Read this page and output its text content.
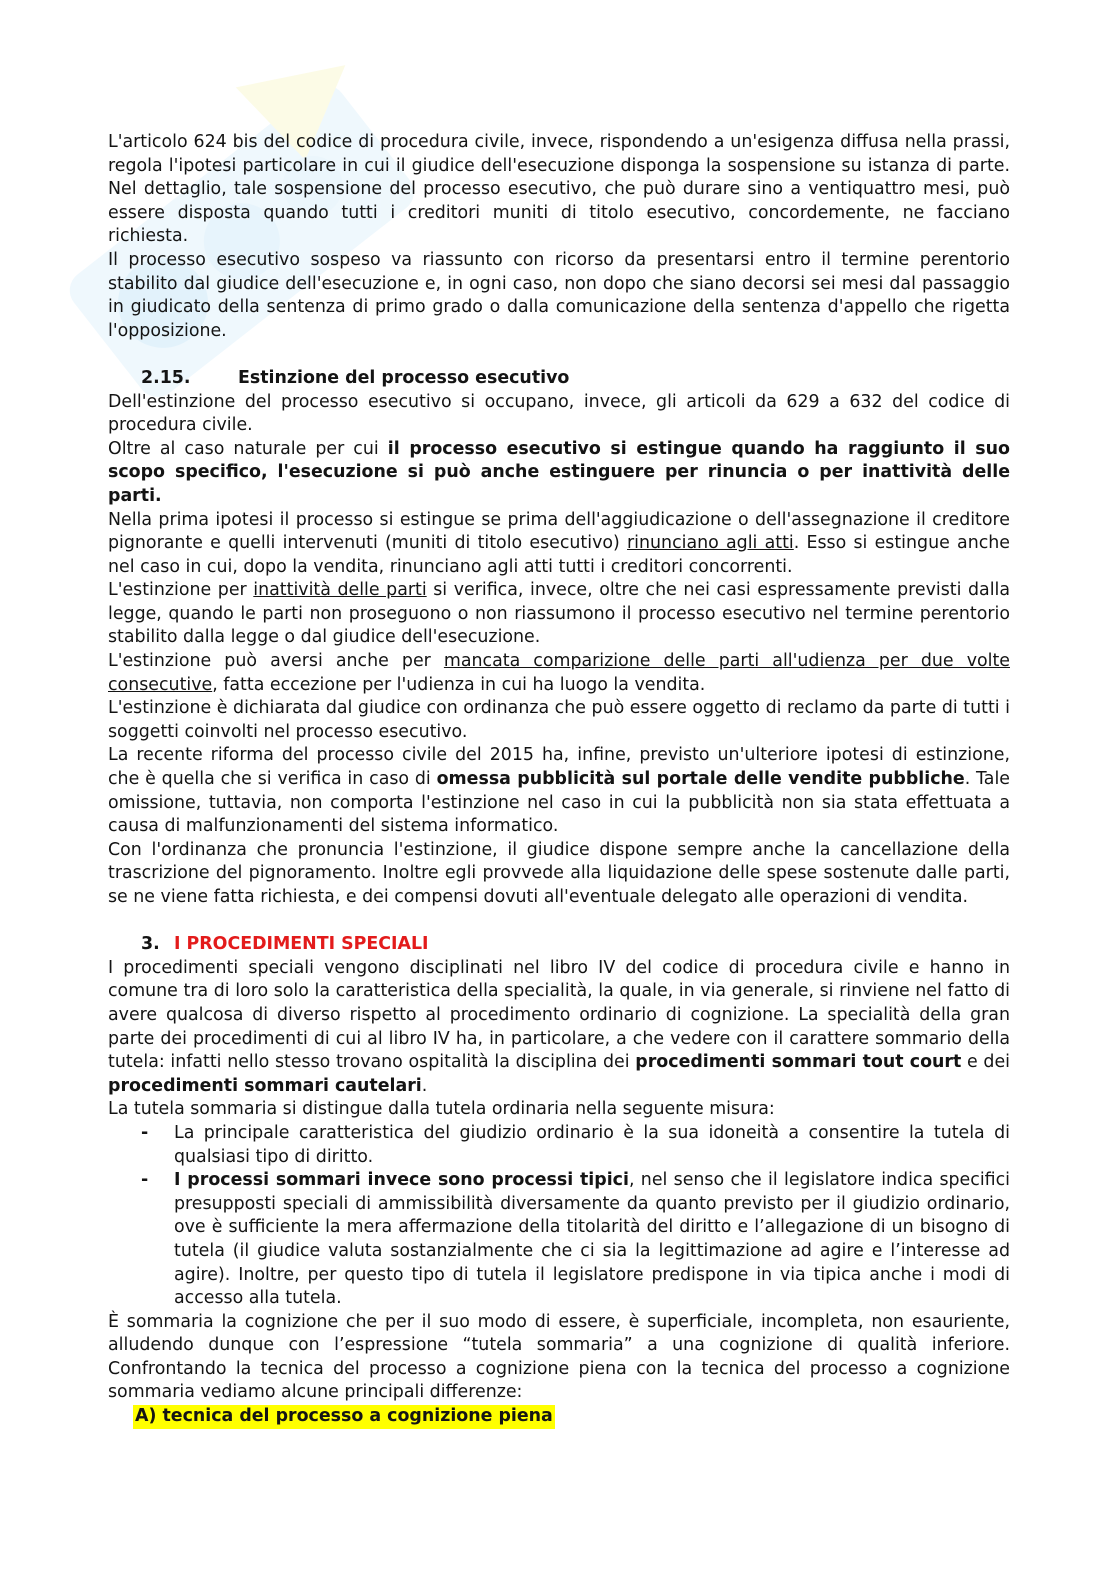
L'articolo 624 bis del codice di procedura civile, invece, rispondendo a un'esigenza diffusa nella prassi, regola l'ipotesi particolare in cui il giudice dell'esecuzione disponga la sospensione su istanza di parte. Nel dettaglio, tale sospensione del processo esecutivo, che può durare sino a ventiquattro mesi, può essere disposta quando tutti i creditori muniti di titolo esecutivo, concordemente, ne facciano richiesta.

Il processo esecutivo sospeso va riassunto con ricorso da presentarsi entro il termine perentorio stabilito dal giudice dell'esecuzione e, in ogni caso, non dopo che siano decorsi sei mesi dal passaggio in giudicato della sentenza di primo grado o dalla comunicazione della sentenza d'appello che rigetta l'opposizione.

2.15.	Estinzione del processo esecutivo

Dell'estinzione del processo esecutivo si occupano, invece, gli articoli da 629 a 632 del codice di procedura civile.

Oltre al caso naturale per cui il processo esecutivo si estingue quando ha raggiunto il suo scopo specifico, l'esecuzione si può anche estinguere per rinuncia o per inattività delle parti.

Nella prima ipotesi il processo si estingue se prima dell'aggiudicazione o dell'assegnazione il creditore pignorante e quelli intervenuti (muniti di titolo esecutivo) rinunciano agli atti. Esso si estingue anche nel caso in cui, dopo la vendita, rinunciano agli atti tutti i creditori concorrenti.

L'estinzione per inattività delle parti si verifica, invece, oltre che nei casi espressamente previsti dalla legge, quando le parti non proseguono o non riassumono il processo esecutivo nel termine perentorio stabilito dalla legge o dal giudice dell'esecuzione.

L'estinzione può aversi anche per mancata comparizione delle parti all'udienza per due volte consecutive, fatta eccezione per l'udienza in cui ha luogo la vendita.

L'estinzione è dichiarata dal giudice con ordinanza che può essere oggetto di reclamo da parte di tutti i soggetti coinvolti nel processo esecutivo.

La recente riforma del processo civile del 2015 ha, infine, previsto un'ulteriore ipotesi di estinzione, che è quella che si verifica in caso di omessa pubblicità sul portale delle vendite pubbliche. Tale omissione, tuttavia, non comporta l'estinzione nel caso in cui la pubblicità non sia stata effettuata a causa di malfunzionamenti del sistema informatico.

Con l'ordinanza che pronuncia l'estinzione, il giudice dispone sempre anche la cancellazione della trascrizione del pignoramento. Inoltre egli provvede alla liquidazione delle spese sostenute dalle parti, se ne viene fatta richiesta, e dei compensi dovuti all'eventuale delegato alle operazioni di vendita.

3. I PROCEDIMENTI SPECIALI

I procedimenti speciali vengono disciplinati nel libro IV del codice di procedura civile e hanno in comune tra di loro solo la caratteristica della specialità, la quale, in via generale, si rinviene nel fatto di avere qualcosa di diverso rispetto al procedimento ordinario di cognizione. La specialità della gran parte dei procedimenti di cui al libro IV ha, in particolare, a che vedere con il carattere sommario della tutela: infatti nello stesso trovano ospitalità la disciplina dei procedimenti sommari tout court e dei procedimenti sommari cautelari.

La tutela sommaria si distingue dalla tutela ordinaria nella seguente misura:

-	La principale caratteristica del giudizio ordinario è la sua idoneità a consentire la tutela di qualsiasi tipo di diritto.
-	I processi sommari invece sono processi tipici, nel senso che il legislatore indica specifici presupposti speciali di ammissibilità diversamente da quanto previsto per il giudizio ordinario, ove è sufficiente la mera affermazione della titolarità del diritto e l’allegazione di un bisogno di tutela (il giudice valuta sostanzialmente che ci sia la legittimazione ad agire e l’interesse ad agire). Inoltre, per questo tipo di tutela il legislatore predispone in via tipica anche i modi di accesso alla tutela.

È sommaria la cognizione che per il suo modo di essere, è superficiale, incompleta, non esauriente, alludendo dunque con l’espressione “tutela sommaria” a una cognizione di qualità inferiore. Confrontando la tecnica del processo a cognizione piena con la tecnica del processo a cognizione sommaria vediamo alcune principali differenze:

A) tecnica del processo a cognizione piena
